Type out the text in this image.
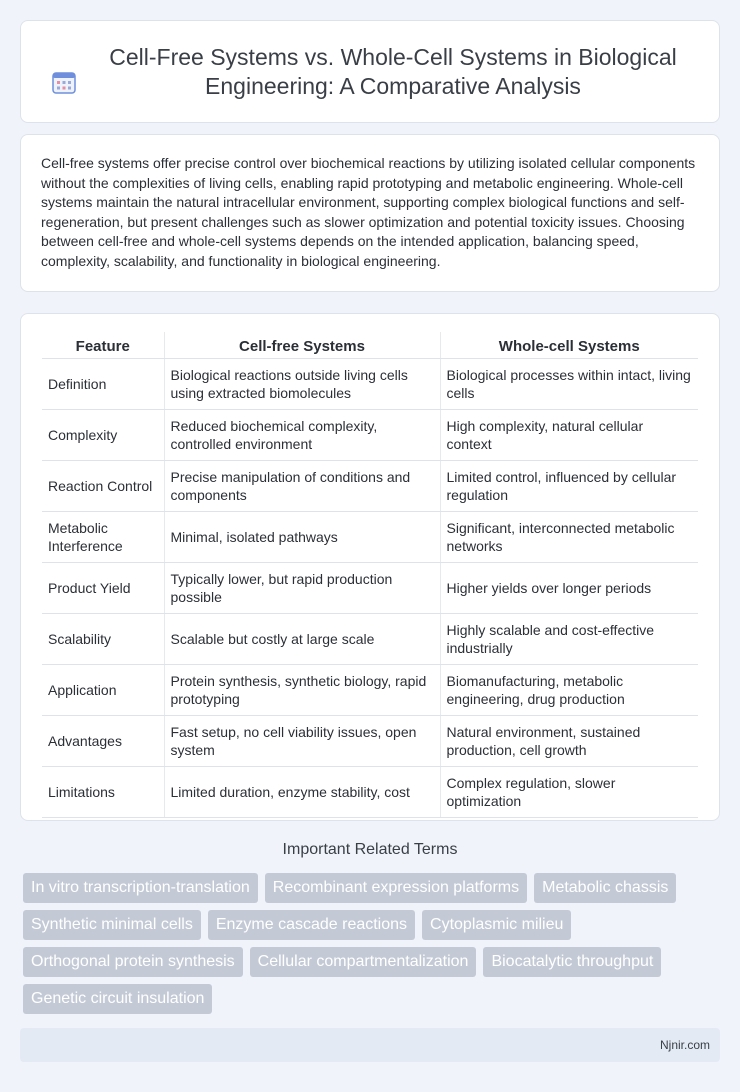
Cell-Free Systems vs. Whole-Cell Systems in Biological Engineering: A Comparative Analysis

Cell-free systems offer precise control over biochemical reactions by utilizing isolated cellular components without the complexities of living cells, enabling rapid prototyping and metabolic engineering. Whole-cell systems maintain the natural intracellular environment, supporting complex biological functions and self-regeneration, but present challenges such as slower optimization and potential toxicity issues. Choosing between cell-free and whole-cell systems depends on the intended application, balancing speed, complexity, scalability, and functionality in biological engineering.

Feature	Cell-free Systems	Whole-cell Systems
Definition	Biological reactions outside living cells using extracted biomolecules	Biological processes within intact, living cells
Complexity	Reduced biochemical complexity, controlled environment	High complexity, natural cellular context
Reaction Control	Precise manipulation of conditions and components	Limited control, influenced by cellular regulation
Metabolic Interference	Minimal, isolated pathways	Significant, interconnected metabolic networks
Product Yield	Typically lower, but rapid production possible	Higher yields over longer periods
Scalability	Scalable but costly at large scale	Highly scalable and cost-effective industrially
Application	Protein synthesis, synthetic biology, rapid prototyping	Biomanufacturing, metabolic engineering, drug production
Advantages	Fast setup, no cell viability issues, open system	Natural environment, sustained production, cell growth
Limitations	Limited duration, enzyme stability, cost	Complex regulation, slower optimization
Important Related Terms
In vitro transcription-translation	Recombinant expression platforms	Metabolic chassis
Synthetic minimal cells	Enzyme cascade reactions	Cytoplasmic milieu
Orthogonal protein synthesis	Cellular compartmentalization	Biocatalytic throughput
Genetic circuit insulation
Njnir.com
